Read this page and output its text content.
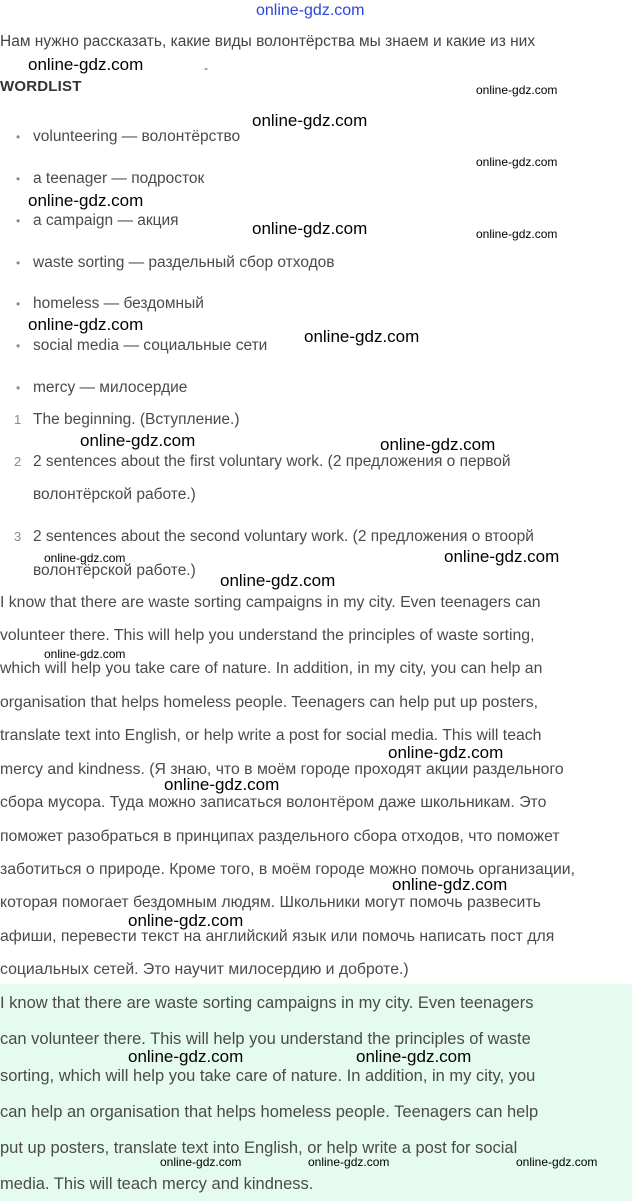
online-gdz.com
Нам нужно рассказать, какие виды волонтёрства мы знаем и какие из них
-
WORDLIST
• volunteering — волонтёрство
• a teenager — подросток
• a campaign — акция
• waste sorting — раздельный сбор отходов
• homeless — бездомный
• social media — социальные сети
• mercy — милосердие
1 The beginning. (Вступление.)
2 2 sentences about the first voluntary work. (2 предложения о первой
волонтёрской работе.)
3 2 sentences about the second voluntary work. (2 предложения о втоорй
волонтёрской работе.)
I know that there are waste sorting campaigns in my city. Even teenagers can
volunteer there. This will help you understand the principles of waste sorting,
which will help you take care of nature. In addition, in my city, you can help an
organisation that helps homeless people. Teenagers can help put up posters,
translate text into English, or help write a post for social media. This will teach
mercy and kindness. (Я знаю, что в моём городе проходят акции раздельного
сбора мусора. Туда можно записаться волонтёром даже школьникам. Это
поможет разобраться в принципах раздельного сбора отходов, что поможет
заботиться о природе. Кроме того, в моём городе можно помочь организации,
которая помогает бездомным людям. Школьники могут помочь развесить
афиши, перевести текст на английский язык или помочь написать пост для
социальных сетей. Это научит милосердию и доброте.)
I know that there are waste sorting campaigns in my city. Even teenagers
can volunteer there. This will help you understand the principles of waste
sorting, which will help you take care of nature. In addition, in my city, you
can help an organisation that helps homeless people. Teenagers can help
put up posters, translate text into English, or help write a post for social
media. This will teach mercy and kindness.
online-gdz.com
online-gdz.com
online-gdz.com
online-gdz.com
online-gdz.com
online-gdz.com	online-gdz.com
online-gdz.com
online-gdz.com
online-gdz.com	online-gdz.com
online-gdz.com	online-gdz.com
online-gdz.com
online-gdz.com
online-gdz.com
online-gdz.com
online-gdz.com
online-gdz.com
online-gdz.com	online-gdz.com
online-gdz.com	online-gdz.com	online-gdz.com
